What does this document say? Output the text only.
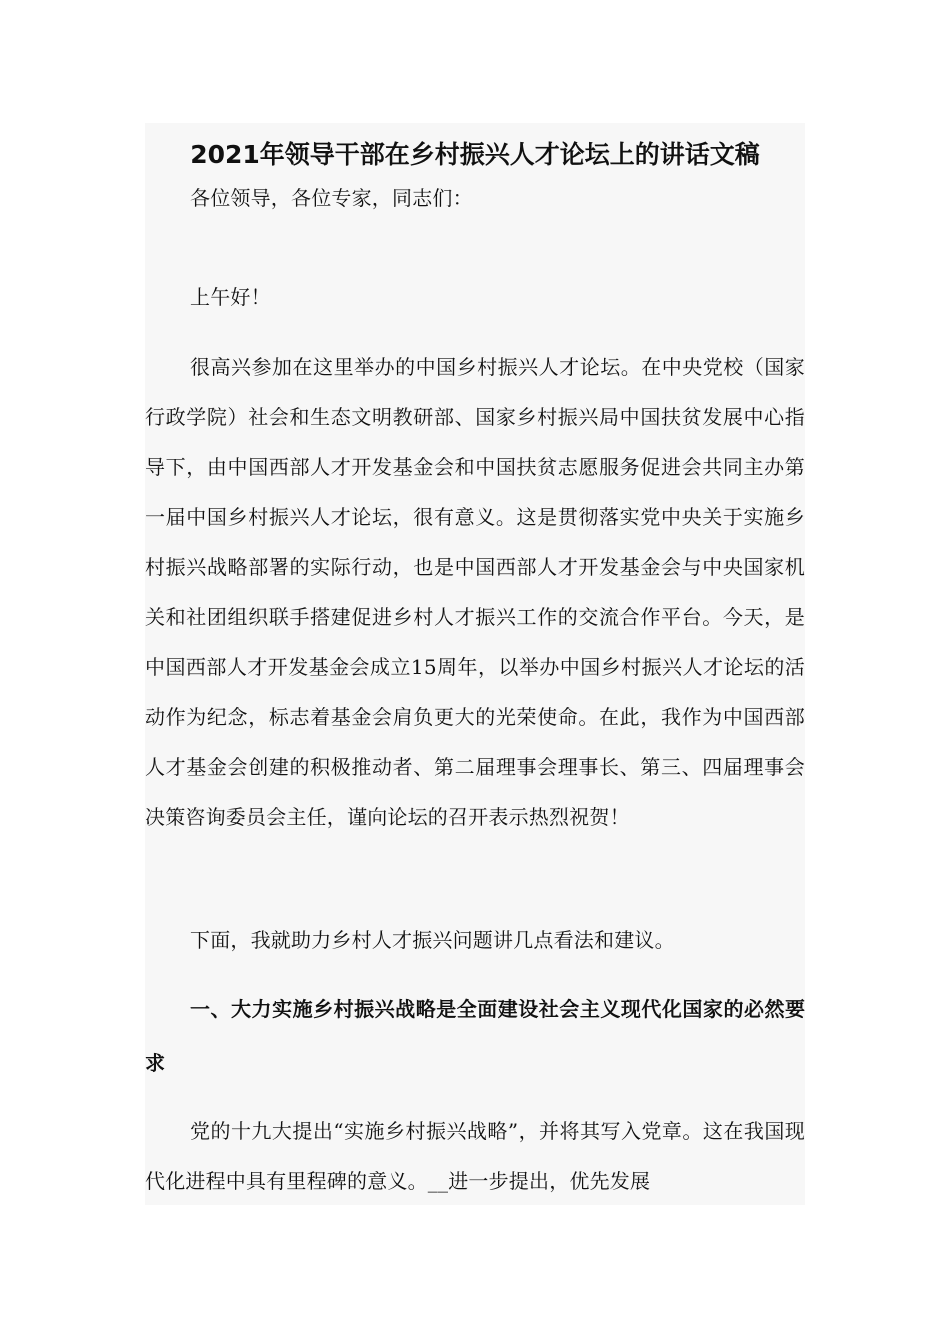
2021年领导干部在乡村振兴人才论坛上的讲话文稿

各位领导，各位专家，同志们：

上午好！

很高兴参加在这里举办的中国乡村振兴人才论坛。在中央党校（国家行政学院）社会和生态文明教研部、国家乡村振兴局中国扶贫发展中心指导下，由中国西部人才开发基金会和中国扶贫志愿服务促进会共同主办第一届中国乡村振兴人才论坛，很有意义。这是贯彻落实党中央关于实施乡村振兴战略部署的实际行动，也是中国西部人才开发基金会与中央国家机关和社团组织联手搭建促进乡村人才振兴工作的交流合作平台。今天，是中国西部人才开发基金会成立15周年，以举办中国乡村振兴人才论坛的活动作为纪念，标志着基金会肩负更大的光荣使命。在此，我作为中国西部人才基金会创建的积极推动者、第二届理事会理事长、第三、四届理事会决策咨询委员会主任，谨向论坛的召开表示热烈祝贺！

下面，我就助力乡村人才振兴问题讲几点看法和建议。

一、大力实施乡村振兴战略是全面建设社会主义现代化国家的必然要求

党的十九大提出“实施乡村振兴战略”，并将其写入党章。这在我国现代化进程中具有里程碑的意义。__进一步提出，优先发展
